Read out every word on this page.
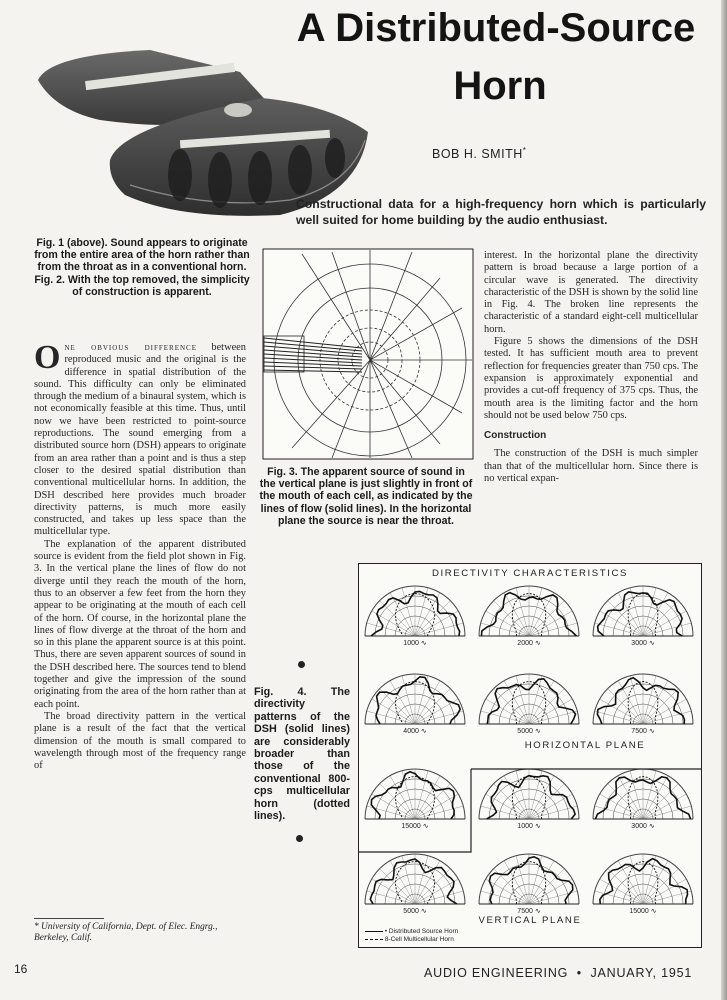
A Distributed-Source
Horn
BOB H. SMITH*
Constructional data for a high-frequency horn which is particularly well suited for home building by the audio enthusiast.
Fig. 1 (above). Sound appears to originate from the entire area of the horn rather than from the throat as in a conventional horn. Fig. 2. With the top removed, the simplicity of construction is apparent.

One obvious difference between reproduced music and the original is the difference in spatial distribution of the sound. This difficulty can only be eliminated through the medium of a binaural system, which is not economically feasible at this time. Thus, until now we have been restricted to point-source reproductions. The sound emerging from a distributed source horn (DSH) appears to originate from an area rather than a point and is thus a step closer to the desired spatial distribution than conventional multicellular horns. In addition, the DSH described here provides much broader directivity patterns, is much more easily constructed, and takes up less space than the multicellular type.

The explanation of the apparent distributed source is evident from the field plot shown in Fig. 3. In the vertical plane the lines of flow do not diverge until they reach the mouth of the horn, thus to an observer a few feet from the horn they appear to be originating at the mouth of each cell of the horn. Of course, in the horizontal plane the lines of flow diverge at the throat of the horn and so in this plane the apparent source is at this point. Thus, there are seven apparent sources of sound in the DSH described here. The sources tend to blend together and give the impression of the sound originating from the area of the horn rather than at each point.

The broad directivity pattern in the vertical plane is a result of the fact that the vertical dimension of the mouth is small compared to wavelength through most of the frequency range of

* University of California, Dept. of Elec. Engrg., Berkeley, Calif.
Fig. 3. The apparent source of sound in the vertical plane is just slightly in front of the mouth of each cell, as indicated by the lines of flow (solid lines). In the horizontal plane the source is near the throat.

interest. In the horizontal plane the directivity pattern is broad because a large portion of a circular wave is generated. The directivity characteristic of the DSH is shown by the solid line in Fig. 4. The broken line represents the characteristic of a standard eight-cell multicellular horn.

Figure 5 shows the dimensions of the DSH tested. It has sufficient mouth area to prevent reflection for frequencies greater than 750 cps. The expansion is approximately exponential and provides a cut-off frequency of 375 cps. Thus, the mouth area is the limiting factor and the horn should not be used below 750 cps.

Construction

The construction of the DSH is much simpler than that of the multicellular horn. Since there is no vertical expan-

Fig. 4. The directivity patterns of the DSH (solid lines) are considerably broader than those of the conventional 800-cps multicellular horn (dotted lines).
DIRECTIVITY CHARACTERISTICS
1000 ∿	2000 ∿	3000 ∿
4000 ∿	5000 ∿	7500 ∿
15000 ∿	1000 ∿	3000 ∿
5000 ∿	7500 ∿	15000 ∿
HORIZONTAL PLANE
VERTICAL PLANE
• Distributed Source Horn
8-Cell Multicellular Horn
16	AUDIO ENGINEERING • JANUARY, 1951
